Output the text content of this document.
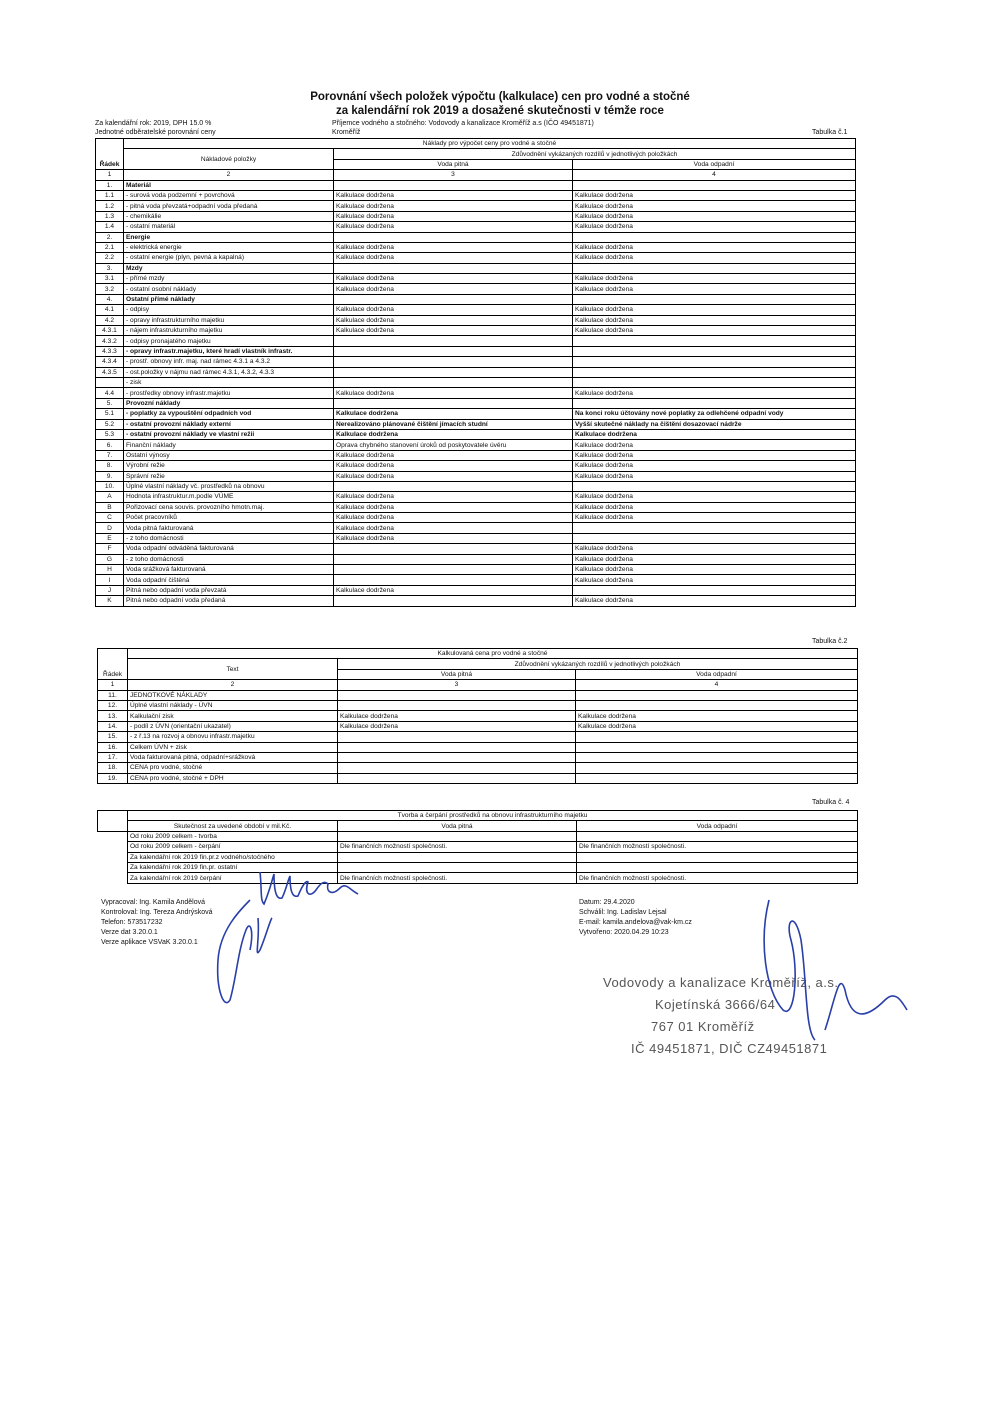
Porovnání všech položek výpočtu (kalkulace) cen pro vodné a stočné
za kalendářní rok 2019 a dosažené skutečnosti v témže roce
Za kalendářní rok: 2019, DPH 15.0 %
Jednotné odběratelské porovnání ceny
Příjemce vodného a stočného: Vodovody a kanalizace Kroměříž a.s (IČO 49451871)
Kroměříž	Tabulka č.1
	Náklady pro výpočet ceny pro vodné a stočné		
	Nákladové položky	Zdůvodnění vykázaných rozdílů v jednotlivých položkách	
Řádek		Voda pitná	Voda odpadní
1	2	3	4
1.	Materiál		
1.1	- surová voda podzemní + povrchová	Kalkulace dodržena	Kalkulace dodržena
1.2	- pitná voda převzatá+odpadní voda předaná	Kalkulace dodržena	Kalkulace dodržena
1.3	- chemikálie	Kalkulace dodržena	Kalkulace dodržena
1.4	- ostatní materiál	Kalkulace dodržena	Kalkulace dodržena
2.	Energie		
2.1	- elektrická energie	Kalkulace dodržena	Kalkulace dodržena
2.2	- ostatní energie (plyn, pevná a kapalná)	Kalkulace dodržena	Kalkulace dodržena
3.	Mzdy		
3.1	- přímé mzdy	Kalkulace dodržena	Kalkulace dodržena
3.2	- ostatní osobní náklady	Kalkulace dodržena	Kalkulace dodržena
4.	Ostatní přímé náklady		
4.1	- odpisy	Kalkulace dodržena	Kalkulace dodržena
4.2	- opravy infrastrukturního majetku	Kalkulace dodržena	Kalkulace dodržena
4.3.1	- nájem infrastrukturního majetku	Kalkulace dodržena	Kalkulace dodržena
4.3.2	- odpisy pronajatého majetku		
4.3.3	- opravy infrastr.majetku, které hradí vlastník infrastr.		
4.3.4	- prostř. obnovy infr. maj. nad rámec 4.3.1 a 4.3.2		
4.3.5	- ost.položky v nájmu nad rámec 4.3.1, 4.3.2, 4.3.3		
	- zisk		
4.4	- prostředky obnovy infrastr.majetku	Kalkulace dodržena	Kalkulace dodržena
5.	Provozní náklady		
5.1	- poplatky za vypouštění odpadních vod	Kalkulace dodržena	Na konci roku účtovány nové poplatky za odlehčené odpadní vody
5.2	- ostatní provozní náklady externí	Nerealizováno plánované čištění jímacích studní	Vyšší skutečné náklady na čištění dosazovací nádrže
5.3	- ostatní provozní náklady ve vlastní režii	Kalkulace dodržena	Kalkulace dodržena
6.	Finanční náklady	Oprava chybného stanovení úroků od poskytovatele úvěru	Kalkulace dodržena
7.	Ostatní výnosy	Kalkulace dodržena	Kalkulace dodržena
8.	Výrobní režie	Kalkulace dodržena	Kalkulace dodržena
9.	Správní režie	Kalkulace dodržena	Kalkulace dodržena
10.	Úplné vlastní náklady vč. prostředků na obnovu		
A	Hodnota infrastruktur.m.podle VÚME	Kalkulace dodržena	Kalkulace dodržena
B	Pořizovací cena souvis. provozního hmotn.maj.	Kalkulace dodržena	Kalkulace dodržena
C	Počet pracovníků	Kalkulace dodržena	Kalkulace dodržena
D	Voda pitná fakturovaná	Kalkulace dodržena	
E	- z toho domácnosti	Kalkulace dodržena	
F	Voda odpadní odváděná fakturovaná		Kalkulace dodržena
G	- z toho domácnosti		Kalkulace dodržena
H	Voda srážková fakturovaná		Kalkulace dodržena
I	Voda odpadní čištěná		Kalkulace dodržena
J	Pitná nebo odpadní voda převzatá	Kalkulace dodržena	
K	Pitná nebo odpadní voda předaná		Kalkulace dodržena
Tabulka č.2
	Kalkulovaná cena pro vodné a stočné		
	Text	Zdůvodnění vykázaných rozdílů v jednotlivých položkách	
Řádek		Voda pitná	Voda odpadní
1	2	3	4
11.	JEDNOTKOVÉ NÁKLADY		
12.	Úplné vlastní náklady - ÚVN		
13.	Kalkulační zisk	Kalkulace dodržena	Kalkulace dodržena
14.	- podíl z ÚVN (orientační ukazatel)	Kalkulace dodržena	Kalkulace dodržena
15.	- z ř.13 na rozvoj a obnovu infrastr.majetku		
16.	Celkem ÚVN + zisk		
17.	Voda fakturovaná pitná, odpadní+srážková		
18.	CENA pro vodné, stočné		
19.	CENA pro vodné, stočné + DPH		
Tabulka č. 4
	Tvorba a čerpání prostředků na obnovu infrastrukturního majetku		
	Skutečnost za uvedené období v mil.Kč.	Voda pitná	Voda odpadní
	Od roku 2009 celkem - tvorba		
	Od roku 2009 celkem - čerpání	Dle finančních možností společnosti.	Dle finančních možností společnosti.
	Za kalendářní rok 2019 fin.pr.z vodného/stočného		
	Za kalendářní rok 2019 fin.pr. ostatní		
	Za kalendářní rok 2019 čerpání	Dle finančních možností společnosti.	Dle finančních možností společnosti.
Vypracoval: Ing. Kamila Andělová
Kontroloval: Ing. Tereza Andrýsková
Telefon: 573517232
Verze dat 3.20.0.1
Verze aplikace VSVaK 3.20.0.1
Datum: 29.4.2020
Schválil: Ing. Ladislav Lejsal
E-mail: kamila.andelova@vak-km.cz
Vytvořeno: 2020.04.29 10:23
Vodovody a kanalizace Kroměříž, a.s.
Kojetínská 3666/64
767 01 Kroměříž
IČ 49451871, DIČ CZ49451871
